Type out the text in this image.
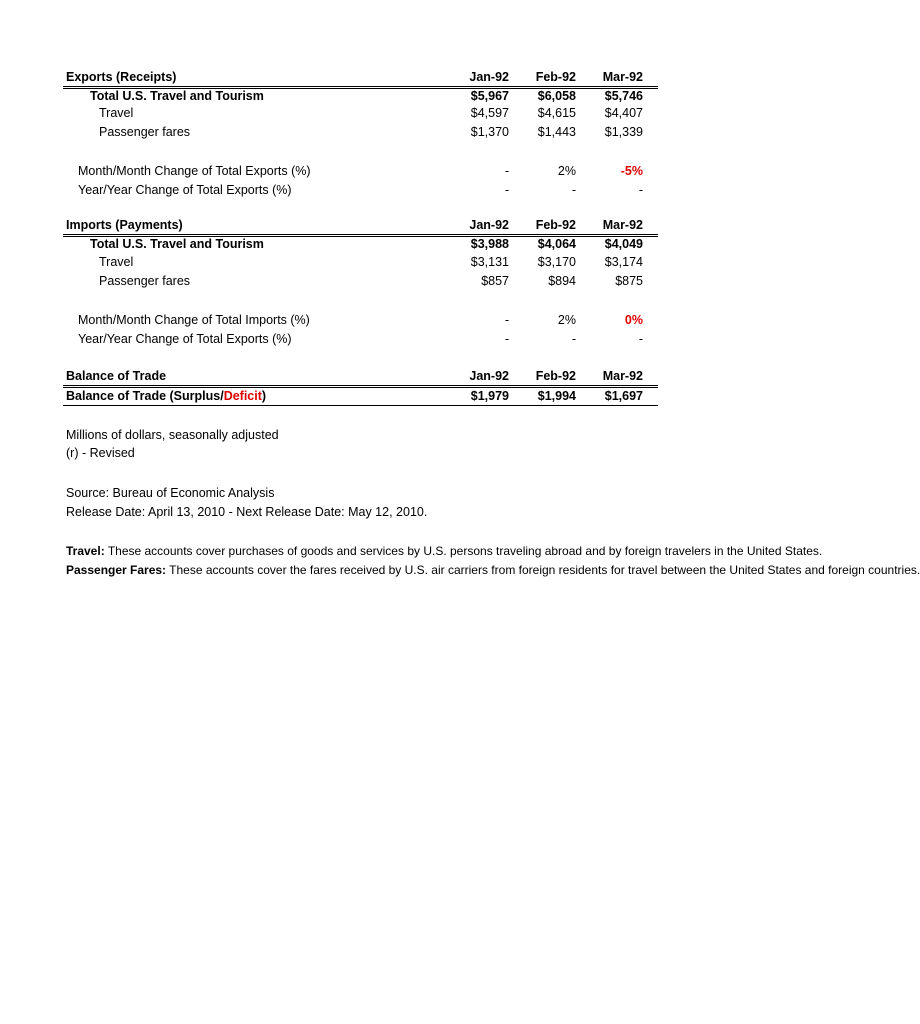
Exports (Receipts)	Jan-92	Feb-92	Mar-92
Total U.S. Travel and Tourism	$5,967	$6,058	$5,746
Travel	$4,597	$4,615	$4,407
Passenger fares	$1,370	$1,443	$1,339
Month/Month Change of Total Exports (%)	-	2%	-5%
Year/Year Change of Total Exports (%)	-	-	-
Imports (Payments)	Jan-92	Feb-92	Mar-92
Total U.S. Travel and Tourism	$3,988	$4,064	$4,049
Travel	$3,131	$3,170	$3,174
Passenger fares	$857	$894	$875
Month/Month Change of Total Imports (%)	-	2%	0%
Year/Year Change of Total Exports (%)	-	-	-
Balance of Trade	Jan-92	Feb-92	Mar-92
Balance of Trade (Surplus/Deficit)	$1,979	$1,994	$1,697
Millions of dollars, seasonally adjusted
(r) - Revised
Source: Bureau of Economic Analysis
Release Date: April 13, 2010 - Next Release Date: May 12, 2010.
Travel: These accounts cover purchases of goods and services by U.S. persons traveling abroad and by foreign travelers in the United States.
Passenger Fares: These accounts cover the fares received by U.S. air carriers from foreign residents for travel between the United States and foreign countries.
